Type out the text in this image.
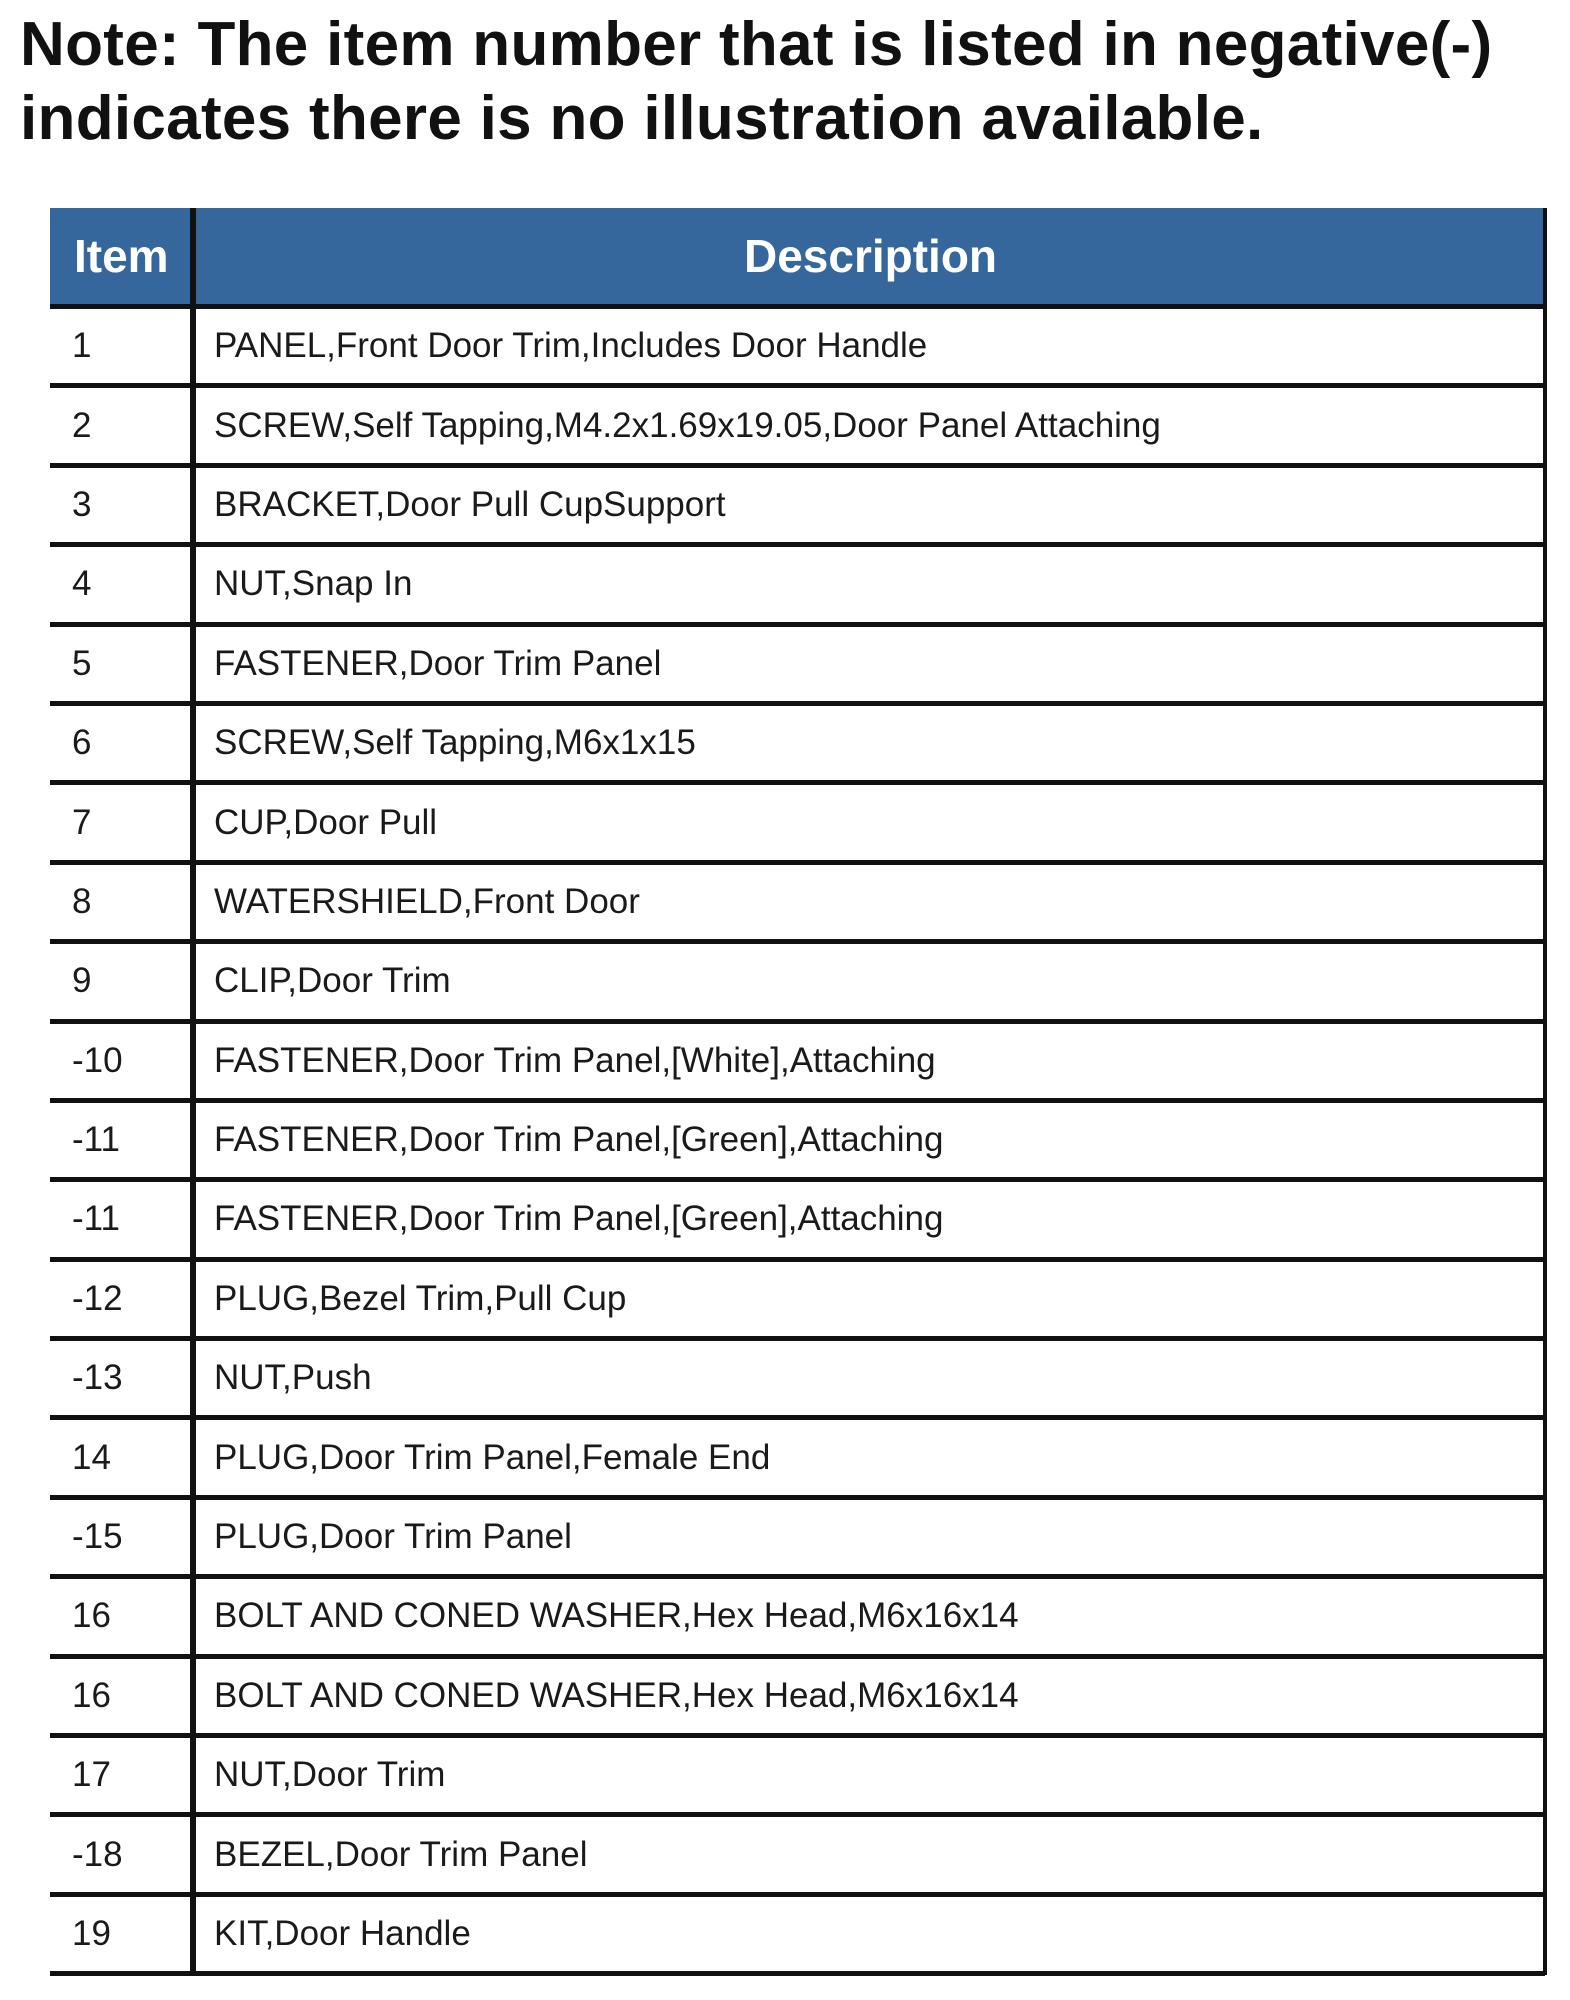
Note: The item number that is listed in negative(-)
indicates there is no illustration available.
Item	Description
1	PANEL,Front Door Trim,Includes Door Handle
2	SCREW,Self Tapping,M4.2x1.69x19.05,Door Panel Attaching
3	BRACKET,Door Pull CupSupport
4	NUT,Snap In
5	FASTENER,Door Trim Panel
6	SCREW,Self Tapping,M6x1x15
7	CUP,Door Pull
8	WATERSHIELD,Front Door
9	CLIP,Door Trim
-10	FASTENER,Door Trim Panel,[White],Attaching
-11	FASTENER,Door Trim Panel,[Green],Attaching
-11	FASTENER,Door Trim Panel,[Green],Attaching
-12	PLUG,Bezel Trim,Pull Cup
-13	NUT,Push
14	PLUG,Door Trim Panel,Female End
-15	PLUG,Door Trim Panel
16	BOLT AND CONED WASHER,Hex Head,M6x16x14
16	BOLT AND CONED WASHER,Hex Head,M6x16x14
17	NUT,Door Trim
-18	BEZEL,Door Trim Panel
19	KIT,Door Handle
